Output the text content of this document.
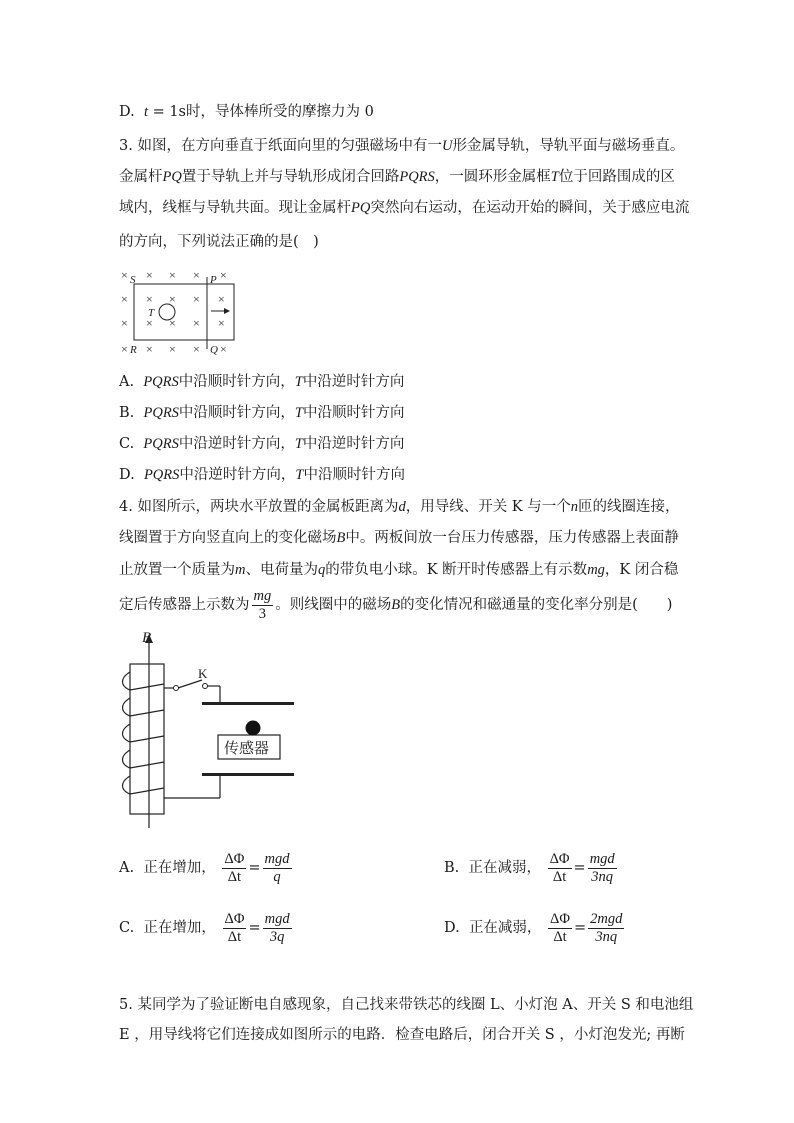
D. t = 1s时，导体棒所受的摩擦力为 0
3. 如图，在方向垂直于纸面向里的匀强磁场中有一U形金属导轨，导轨平面与磁场垂直。
金属杆PQ置于导轨上并与导轨形成闭合回路PQRS，一圆环形金属框T位于回路围成的区
域内，线框与导轨共面。现让金属杆PQ突然向右运动，在运动开始的瞬间，关于感应电流
的方向，下列说法正确的是(　)
× × × × ×
× × × × ×
× × × × ×
× × × × ×
S	P
R	Q
T
A. PQRS中沿顺时针方向，T中沿逆时针方向
B. PQRS中沿顺时针方向，T中沿顺时针方向
C. PQRS中沿逆时针方向，T中沿逆时针方向
D. PQRS中沿逆时针方向，T中沿顺时针方向
4. 如图所示，两块水平放置的金属板距离为d，用导线、开关 K 与一个n匝的线圈连接，
线圈置于方向竖直向上的变化磁场B中。两板间放一台压力传感器，压力传感器上表面静
止放置一个质量为m、电荷量为q的带负电小球。K 断开时传感器上有示数mg，K 闭合稳
定后传感器上示数为 $\frac{mg}{3}$ 。则线圈中的磁场B的变化情况和磁通量的变化率分别是(　　)
B
K
传感器
A. 正在增加， $\frac{\Delta\Phi}{\Delta t} = \frac{\text{mgd}}{q}$	B. 正在减弱， $\frac{\Delta\Phi}{\Delta t} = \frac{\text{mgd}}{3nq}$
C. 正在增加， $\frac{\Delta\Phi}{\Delta t} = \frac{\text{mgd}}{3q}$	D. 正在减弱， $\frac{\Delta\Phi}{\Delta t} = \frac{\text{2mgd}}{3nq}$
5. 某同学为了验证断电自感现象，自己找来带铁芯的线圈 L、小灯泡 A、开关 S 和电池组
E ，用导线将它们连接成如图所示的电路．检查电路后，闭合开关 S ，小灯泡发光; 再断
